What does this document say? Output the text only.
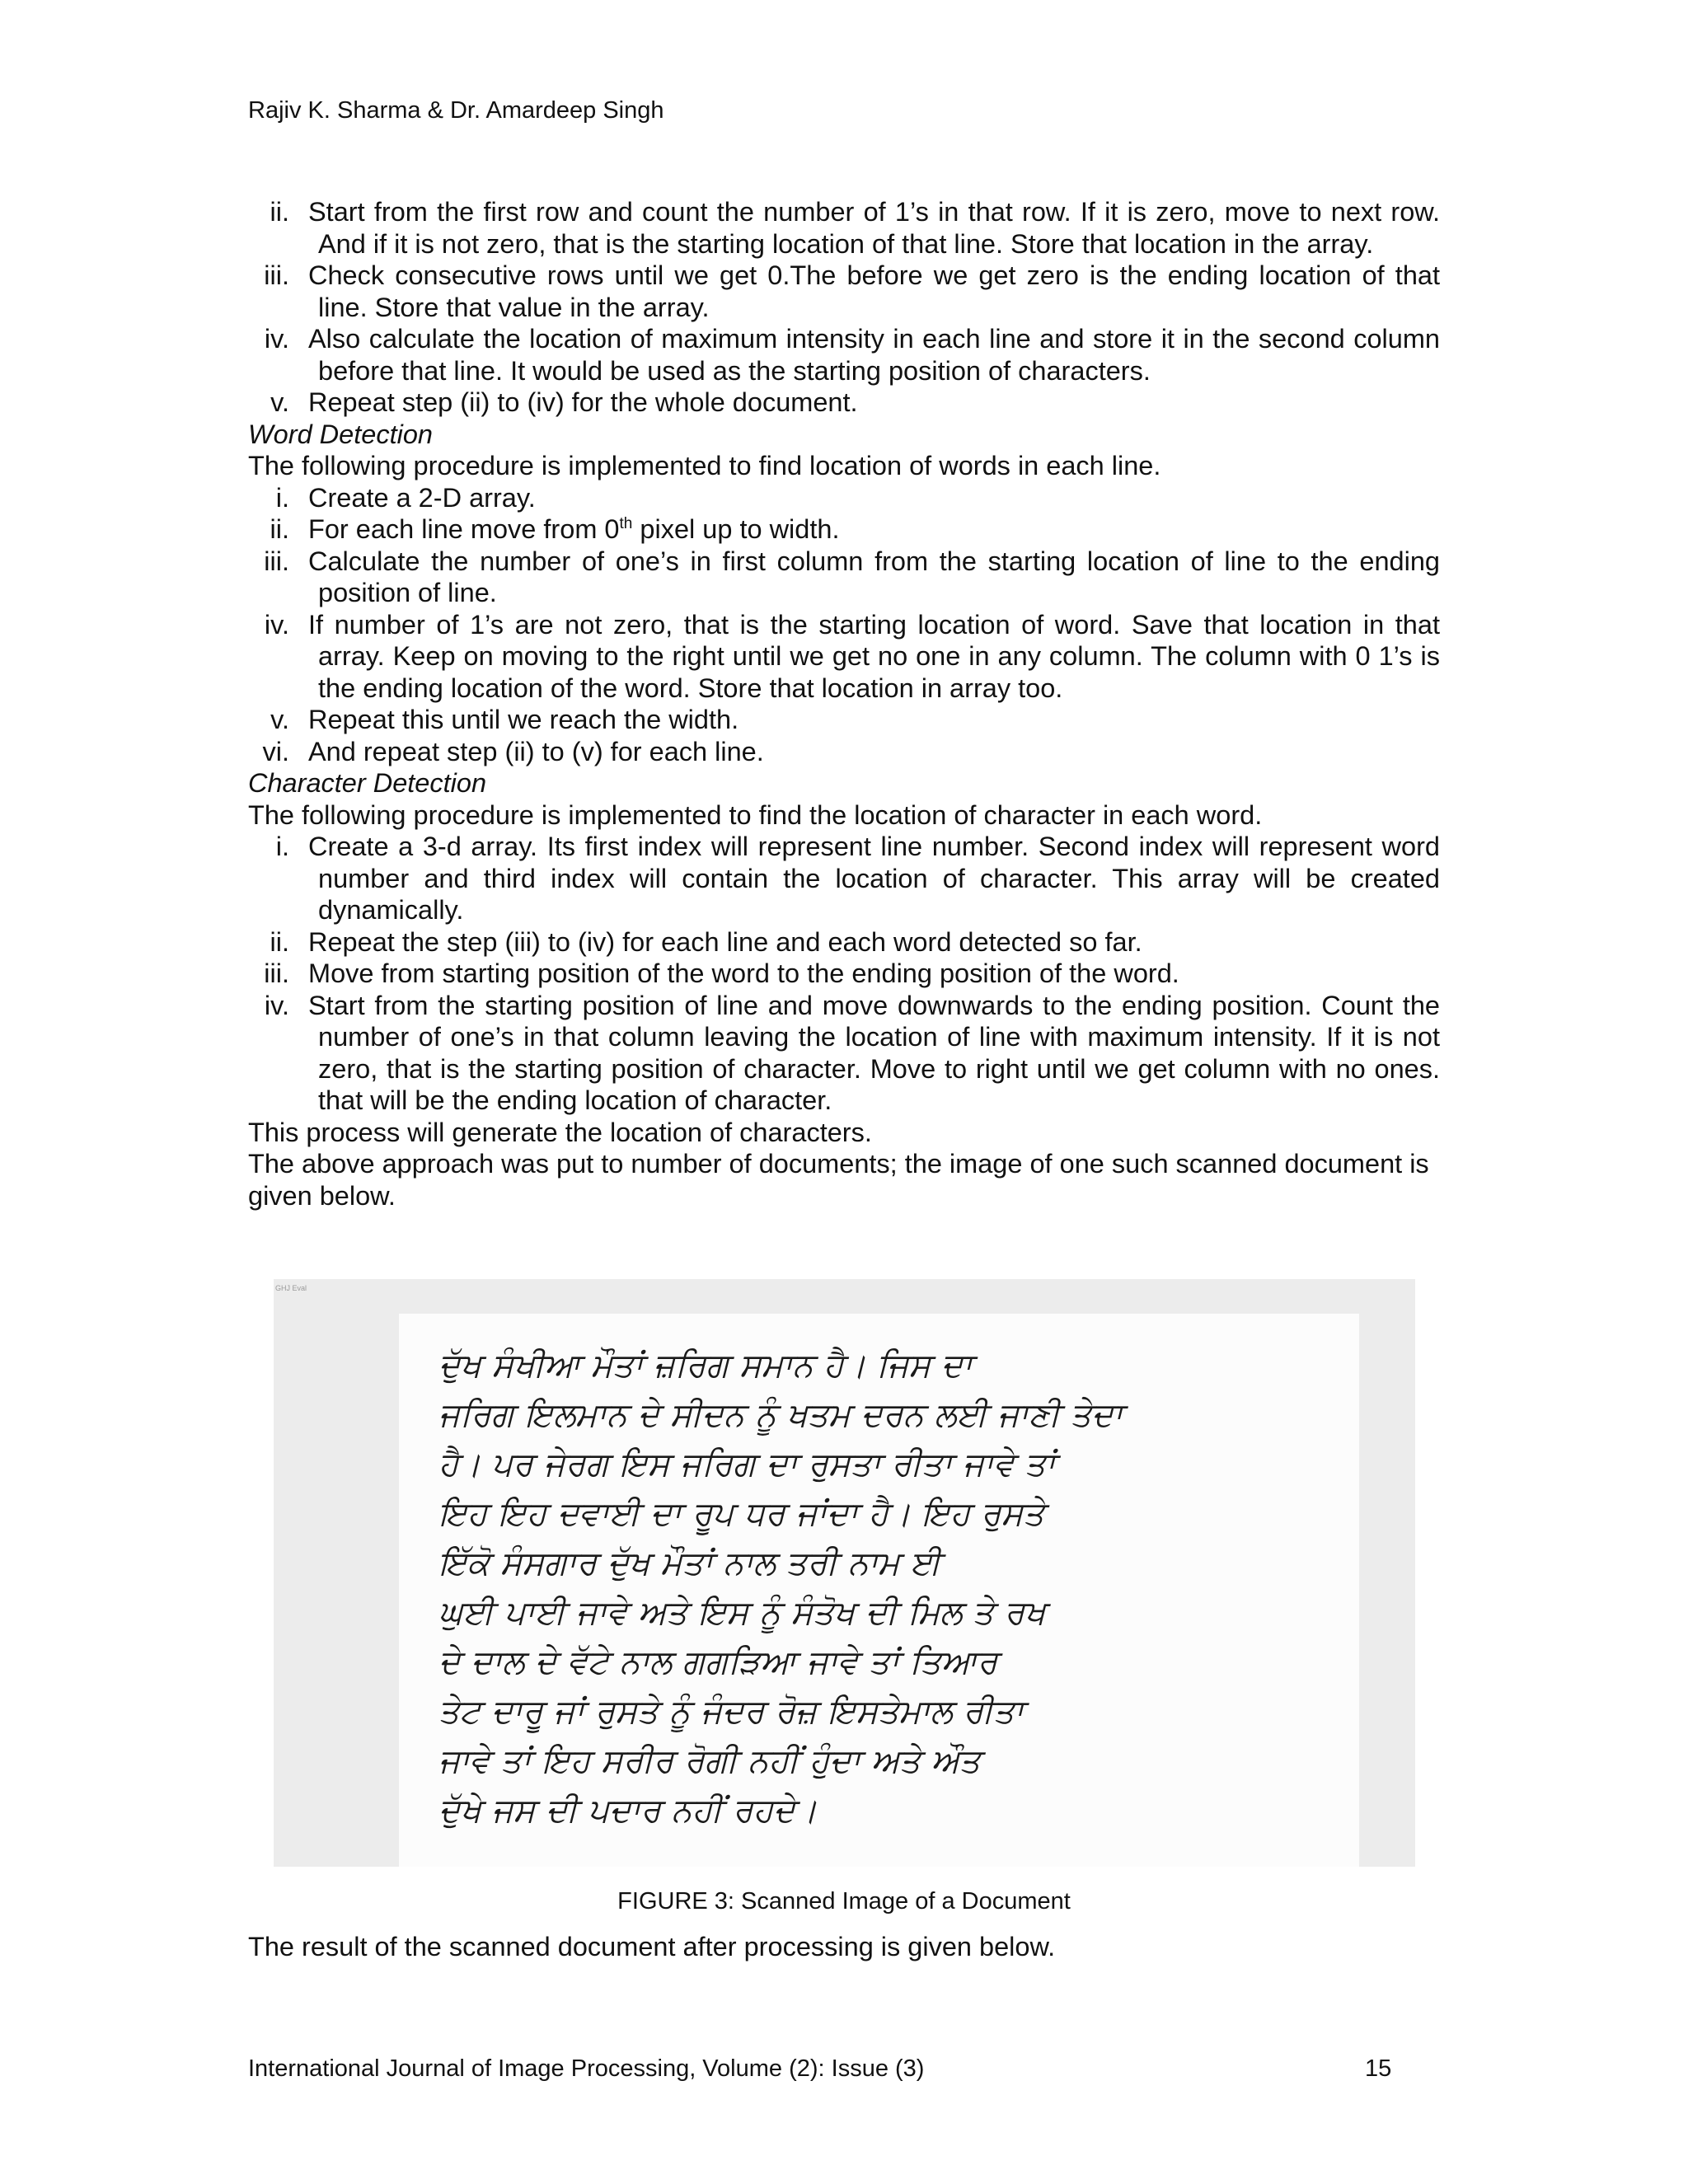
Rajiv K. Sharma & Dr. Amardeep Singh
ii. Start from the first row and count the number of 1’s in that row. If it is zero, move to next row. And if it is not zero, that is the starting location of that line. Store that location in the array.
iii. Check consecutive rows until we get 0.The before we get zero is the ending location of that line. Store that value in the array.
iv. Also calculate the location of maximum intensity in each line and store it in the second column before that line. It would be used as the starting position of characters.
v. Repeat step (ii) to (iv) for the whole document.
Word Detection
The following procedure is implemented to find location of words in each line.
i. Create a 2-D array.
ii. For each line move from 0th pixel up to width.
iii. Calculate the number of one’s in first column from the starting location of line to the ending position of line.
iv. If number of 1’s are not zero, that is the starting location of word. Save that location in that array. Keep on moving to the right until we get no one in any column. The column with 0 1’s is the ending location of the word. Store that location in array too.
v. Repeat this until we reach the width.
vi. And repeat step (ii) to (v) for each line.
Character Detection
The following procedure is implemented to find the location of character in each word.
i. Create a 3-d array. Its first index will represent line number. Second index will represent word number and third index will contain the location of character. This array will be created dynamically.
ii. Repeat the step (iii) to (iv) for each line and each word detected so far.
iii. Move from starting position of the word to the ending position of the word.
iv. Start from the starting position of line and move downwards to the ending position. Count the number of one’s in that column leaving the location of line with maximum intensity. If it is not zero, that is the starting position of character. Move to right until we get column with no ones. that will be the ending location of character.
This process will generate the location of characters.
The above approach was put to number of documents; the image of one such scanned document is given below.
GHJ Eval
ਦੁੱਖ ਸੰਖੀਆ ਮੌਤਾਂ ਜ਼ਰਿਗ ਸਮਾਨ ਹੈ। ਜਿਸ ਦਾ
ਜਰਿਗ ਇਲਮਾਨ ਦੇ ਸੀਦਨ ਨੂੰ ਖਤਮ ਦਰਨ ਲਈ ਜਾਣੀ ਤੇਦਾ
ਹੈ। ਪਰ ਜੇਰਗ ਇਸ ਜਰਿਗ ਦਾ ਰੁਸਤਾ ਰੀਤਾ ਜਾਵੇ ਤਾਂ
ਇਹ ਇਹ ਦਵਾਈ ਦਾ ਰੂਪ ਧਰ ਜਾਂਦਾ ਹੈ। ਇਹ ਰੁਸਤੇ
ਇੱਕੋ ਸੰਸਗਾਰ ਦੁੱਖ ਮੌਤਾਂ ਨਾਲ ਤਰੀ ਨਾਮ ਈ
ਘੁਈ ਪਾਈ ਜਾਵੇ ਅਤੇ ਇਸ ਨੂੰ ਸੰਤੋਖ ਦੀ ਮਿਲ ਤੇ ਰਖ
ਦੇ ਦਾਲ ਦੇ ਵੱਟੇ ਨਾਲ ਗਗੜਿਆ ਜਾਵੇ ਤਾਂ ਤਿਆਰ
ਤੇਟ ਦਾਰੂ ਜਾਂ ਰੁਸਤੇ ਨੂੰ ਜੰਦਰ ਰੋਜ਼ ਇਸਤੇਮਾਲ ਰੀਤਾ
ਜਾਵੇ ਤਾਂ ਇਹ ਸਰੀਰ ਰੋਗੀ ਨਹੀਂ ਹੁੰਦਾ ਅਤੇ ਔਤ
ਦੁੱਖੇ ਜਸ ਦੀ ਪਦਾਰ ਨਹੀਂ ਰਹਦੇ।
FIGURE 3: Scanned Image of a Document
The result of the scanned document after processing is given below.
International Journal of Image Processing, Volume (2): Issue (3)	15
